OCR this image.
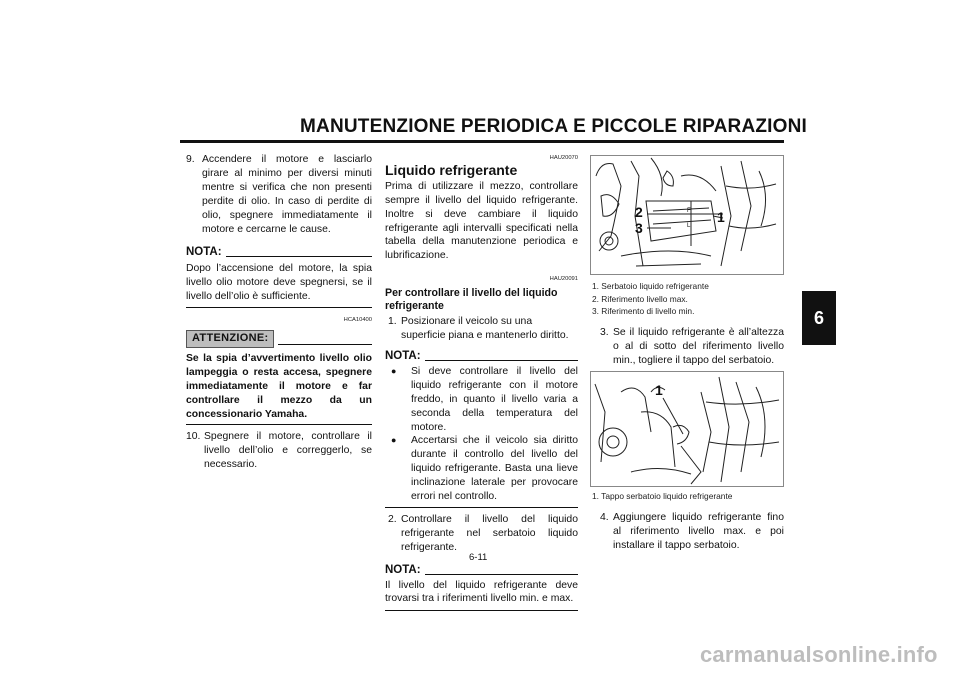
MANUTENZIONE PERIODICA E PICCOLE RIPARAZIONI
6
9. Accendere il motore e lasciarlo girare al minimo per diversi minuti mentre si verifica che non presenti perdite di olio. In caso di perdite di olio, spegnere immediatamente il motore e cercarne le cause.
NOTA:

Dopo l’accensione del motore, la spia livello olio motore deve spegnersi, se il livello dell’olio è sufficiente.

HCA10400
ATTENZIONE:

Se la spia d’avvertimento livello olio lampeggia o resta accesa, spegnere immediatamente il motore e far controllare il mezzo da un concessionario Yamaha.

10. Spegnere il motore, controllare il livello dell’olio e correggerlo, se necessario.
HAU20070
Liquido refrigerante

Prima di utilizzare il mezzo, controllare sempre il livello del liquido refrigerante. Inoltre si deve cambiare il liquido refrigerante agli intervalli specificati nella tabella della manutenzione periodica e lubrificazione.

HAU20091
Per controllare il livello del liquido refrigerante
1. Posizionare il veicolo su una superficie piana e mantenerlo diritto.
NOTA:
●	Si deve controllare il livello del liquido refrigerante con il motore freddo, in quanto il livello varia a seconda della temperatura del motore.
●	Accertarsi che il veicolo sia diritto durante il controllo del livello del liquido refrigerante. Basta una lieve inclinazione laterale per provocare errori nel controllo.
2. Controllare il livello del liquido refrigerante nel serbatoio liquido refrigerante.
NOTA:

Il livello del liquido refrigerante deve trovarsi tra i riferimenti livello min. e max.

2
3
1
F
L
1. Serbatoio liquido refrigerante
2. Riferimento livello max.
3. Riferimento di livello min.
3. Se il liquido refrigerante è all’altezza o al di sotto del riferimento livello min., togliere il tappo del serbatoio.
1
1. Tappo serbatoio liquido refrigerante
4. Aggiungere liquido refrigerante fino al riferimento livello max. e poi installare il tappo serbatoio.
6-11
carmanualsonline.info
